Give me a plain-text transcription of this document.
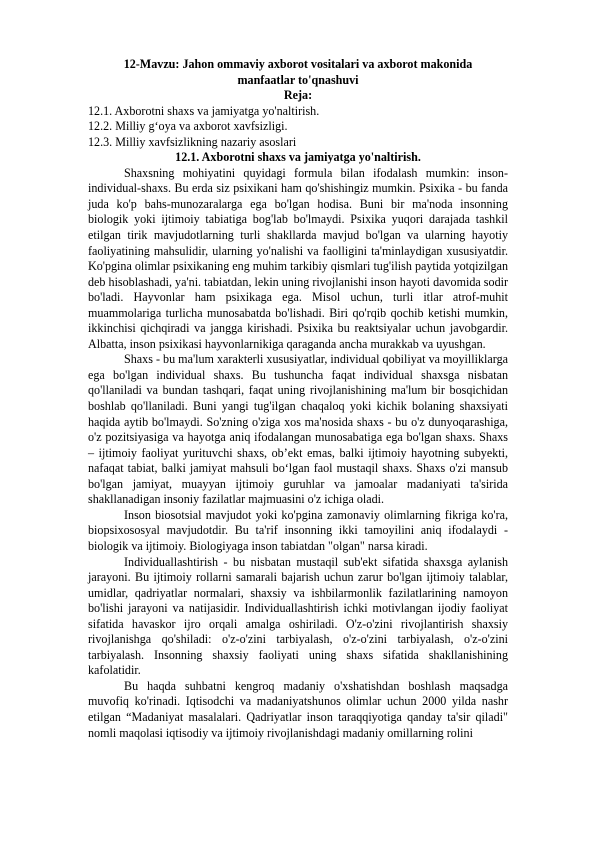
12-Mavzu: Jahon ommaviy axborot vositalari va axborot makonida

manfaatlar to'qnashuvi

Reja:

12.1. Axborotni shaxs va jamiyatga yo'naltirish.

12.2. Milliy g‘oya va axborot xavfsizligi.

12.3. Milliy xavfsizlikning nazariy asoslari

12.1. Axborotni shaxs va jamiyatga yo'naltirish.

Shaxsning mohiyatini quyidagi formula bilan ifodalash mumkin: inson-individual-shaxs. Bu erda siz psixikani ham qo'shishingiz mumkin. Psixika - bu fanda juda ko'p bahs-munozaralarga ega bo'lgan hodisa. Buni bir ma'noda insonning biologik yoki ijtimoiy tabiatiga bog'lab bo'lmaydi. Psixika yuqori darajada tashkil etilgan tirik mavjudotlarning turli shakllarda mavjud bo'lgan va ularning hayotiy faoliyatining mahsulidir, ularning yo'nalishi va faolligini ta'minlaydigan xususiyatdir. Ko'pgina olimlar psixikaning eng muhim tarkibiy qismlari tug'ilish paytida yotqizilgan deb hisoblashadi, ya'ni. tabiatdan, lekin uning rivojlanishi inson hayoti davomida sodir bo'ladi. Hayvonlar ham psixikaga ega. Misol uchun, turli itlar atrof-muhit muammolariga turlicha munosabatda bo'lishadi. Biri qo'rqib qochib ketishi mumkin, ikkinchisi qichqiradi va jangga kirishadi. Psixika bu reaktsiyalar uchun javobgardir. Albatta, inson psixikasi hayvonlarnikiga qaraganda ancha murakkab va uyushgan.

Shaxs - bu ma'lum xarakterli xususiyatlar, individual qobiliyat va moyilliklarga ega bo'lgan individual shaxs. Bu tushuncha faqat individual shaxsga nisbatan qo'llaniladi va bundan tashqari, faqat uning rivojlanishining ma'lum bir bosqichidan boshlab qo'llaniladi. Buni yangi tug'ilgan chaqaloq yoki kichik bolaning shaxsiyati haqida aytib bo'lmaydi. So'zning o'ziga xos ma'nosida shaxs - bu o'z dunyoqarashiga, o'z pozitsiyasiga va hayotga aniq ifodalangan munosabatiga ega bo'lgan shaxs. Shaxs – ijtimoiy faoliyat yurituvchi shaxs, ob’ekt emas, balki ijtimoiy hayotning subyekti, nafaqat tabiat, balki jamiyat mahsuli bo‘lgan faol mustaqil shaxs. Shaxs o'zi mansub bo'lgan jamiyat, muayyan ijtimoiy guruhlar va jamoalar madaniyati ta'sirida shakllanadigan insoniy fazilatlar majmuasini o'z ichiga oladi.

Inson biosotsial mavjudot yoki ko'pgina zamonaviy olimlarning fikriga ko'ra, biopsixososyal mavjudotdir. Bu ta'rif insonning ikki tamoyilini aniq ifodalaydi - biologik va ijtimoiy. Biologiyaga inson tabiatdan "olgan" narsa kiradi.

Individuallashtirish - bu nisbatan mustaqil sub'ekt sifatida shaxsga aylanish jarayoni. Bu ijtimoiy rollarni samarali bajarish uchun zarur bo'lgan ijtimoiy talablar, umidlar, qadriyatlar normalari, shaxsiy va ishbilarmonlik fazilatlarining namoyon bo'lishi jarayoni va natijasidir. Individuallashtirish ichki motivlangan ijodiy faoliyat sifatida havaskor ijro orqali amalga oshiriladi. O'z-o'zini rivojlantirish shaxsiy rivojlanishga qo'shiladi: o'z-o'zini tarbiyalash, o'z-o'zini tarbiyalash, o'z-o'zini tarbiyalash. Insonning shaxsiy faoliyati uning shaxs sifatida shakllanishining kafolatidir.

Bu haqda suhbatni kengroq madaniy o'xshatishdan boshlash maqsadga muvofiq ko'rinadi. Iqtisodchi va madaniyatshunos olimlar uchun 2000 yilda nashr etilgan “Madaniyat masalalari. Qadriyatlar inson taraqqiyotiga qanday ta'sir qiladi" nomli maqolasi iqtisodiy va ijtimoiy rivojlanishdagi madaniy omillarning rolini
